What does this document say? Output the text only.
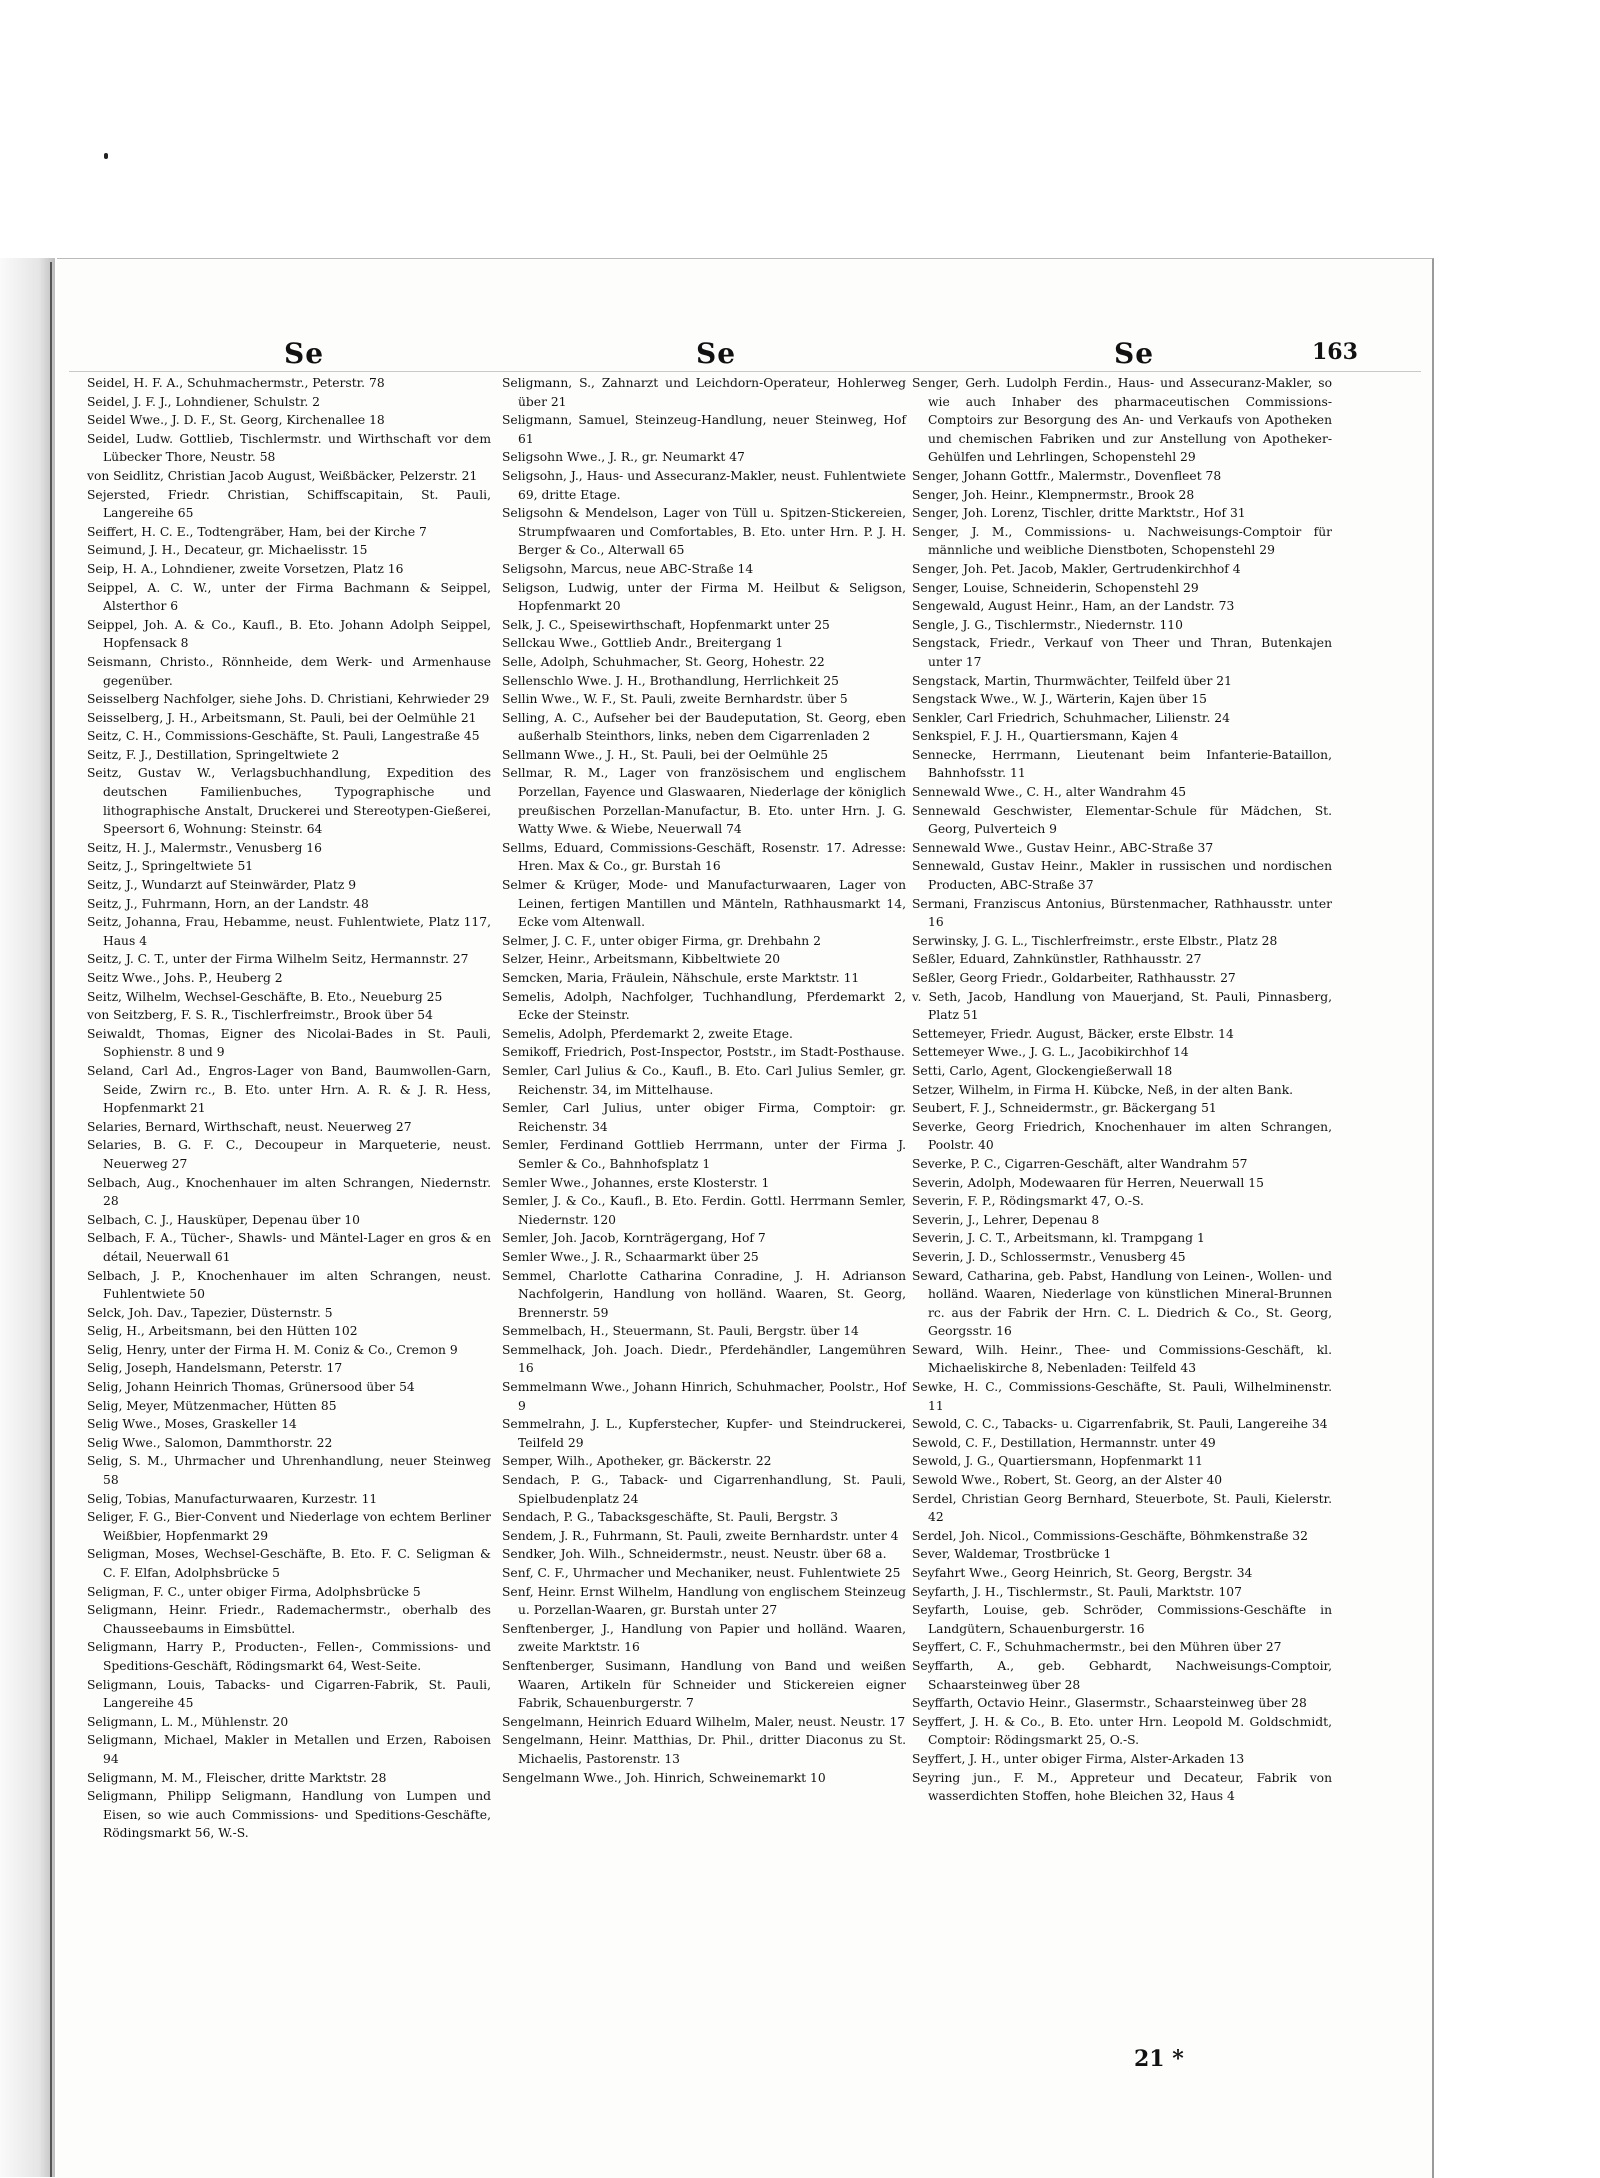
Se	Se	Se	163
Seidel, H. F. A., Schuhmachermstr., Peterstr. 78
Seidel, J. F. J., Lohndiener, Schulstr. 2
Seidel Wwe., J. D. F., St. Georg, Kirchenallee 18
Seidel, Ludw. Gottlieb, Tischlermstr. und Wirthschaft vor dem Lübecker Thore, Neustr. 58
von Seidlitz, Christian Jacob August, Weißbäcker, Pelzerstr. 21
Sejersted, Friedr. Christian, Schiffscapitain, St. Pauli, Langereihe 65
Seiffert, H. C. E., Todtengräber, Ham, bei der Kirche 7
Seimund, J. H., Decateur, gr. Michaelisstr. 15
Seip, H. A., Lohndiener, zweite Vorsetzen, Platz 16
Seippel, A. C. W., unter der Firma Bachmann & Seippel, Alsterthor 6
Seippel, Joh. A. & Co., Kaufl., B. Eto. Johann Adolph Seippel, Hopfensack 8
Seismann, Christo., Rönnheide, dem Werk- und Armenhause gegenüber.
Seisselberg Nachfolger, siehe Johs. D. Christiani, Kehrwieder 29
Seisselberg, J. H., Arbeitsmann, St. Pauli, bei der Oelmühle 21
Seitz, C. H., Commissions-Geschäfte, St. Pauli, Langestraße 45
Seitz, F. J., Destillation, Springeltwiete 2
Seitz, Gustav W., Verlagsbuchhandlung, Expedition des deutschen Familienbuches, Typographische und lithographische Anstalt, Druckerei und Stereotypen-Gießerei, Speersort 6, Wohnung: Steinstr. 64
Seitz, H. J., Malermstr., Venusberg 16
Seitz, J., Springeltwiete 51
Seitz, J., Wundarzt auf Steinwärder, Platz 9
Seitz, J., Fuhrmann, Horn, an der Landstr. 48
Seitz, Johanna, Frau, Hebamme, neust. Fuhlentwiete, Platz 117, Haus 4
Seitz, J. C. T., unter der Firma Wilhelm Seitz, Hermannstr. 27
Seitz Wwe., Johs. P., Heuberg 2
Seitz, Wilhelm, Wechsel-Geschäfte, B. Eto., Neueburg 25
von Seitzberg, F. S. R., Tischlerfreimstr., Brook über 54
Seiwaldt, Thomas, Eigner des Nicolai-Bades in St. Pauli, Sophienstr. 8 und 9
Seland, Carl Ad., Engros-Lager von Band, Baumwollen-Garn, Seide, Zwirn rc., B. Eto. unter Hrn. A. R. & J. R. Hess, Hopfenmarkt 21
Selaries, Bernard, Wirthschaft, neust. Neuerweg 27
Selaries, B. G. F. C., Decoupeur in Marqueterie, neust. Neuerweg 27
Selbach, Aug., Knochenhauer im alten Schrangen, Niedernstr. 28
Selbach, C. J., Hausküper, Depenau über 10
Selbach, F. A., Tücher-, Shawls- und Mäntel-Lager en gros & en détail, Neuerwall 61
Selbach, J. P., Knochenhauer im alten Schrangen, neust. Fuhlentwiete 50
Selck, Joh. Dav., Tapezier, Düsternstr. 5
Selig, H., Arbeitsmann, bei den Hütten 102
Selig, Henry, unter der Firma H. M. Coniz & Co., Cremon 9
Selig, Joseph, Handelsmann, Peterstr. 17
Selig, Johann Heinrich Thomas, Grünersood über 54
Selig, Meyer, Mützenmacher, Hütten 85
Selig Wwe., Moses, Graskeller 14
Selig Wwe., Salomon, Dammthorstr. 22
Selig, S. M., Uhrmacher und Uhrenhandlung, neuer Steinweg 58
Selig, Tobias, Manufacturwaaren, Kurzestr. 11
Seliger, F. G., Bier-Convent und Niederlage von echtem Berliner Weißbier, Hopfenmarkt 29
Seligman, Moses, Wechsel-Geschäfte, B. Eto. F. C. Seligman & C. F. Elfan, Adolphsbrücke 5
Seligman, F. C., unter obiger Firma, Adolphsbrücke 5
Seligmann, Heinr. Friedr., Rademachermstr., oberhalb des Chausseebaums in Eimsbüttel.
Seligmann, Harry P., Producten-, Fellen-, Commissions- und Speditions-Geschäft, Rödingsmarkt 64, West-Seite.
Seligmann, Louis, Tabacks- und Cigarren-Fabrik, St. Pauli, Langereihe 45
Seligmann, L. M., Mühlenstr. 20
Seligmann, Michael, Makler in Metallen und Erzen, Raboisen 94
Seligmann, M. M., Fleischer, dritte Marktstr. 28
Seligmann, Philipp Seligmann, Handlung von Lumpen und Eisen, so wie auch Commissions- und Speditions-Geschäfte, Rödingsmarkt 56, W.-S.
Seligmann, S., Zahnarzt und Leichdorn-Operateur, Hohlerweg über 21
Seligmann, Samuel, Steinzeug-Handlung, neuer Steinweg, Hof 61
Seligsohn Wwe., J. R., gr. Neumarkt 47
Seligsohn, J., Haus- und Assecuranz-Makler, neust. Fuhlentwiete 69, dritte Etage.
Seligsohn & Mendelson, Lager von Tüll u. Spitzen-Stickereien, Strumpfwaaren und Comfortables, B. Eto. unter Hrn. P. J. H. Berger & Co., Alterwall 65
Seligsohn, Marcus, neue ABC-Straße 14
Seligson, Ludwig, unter der Firma M. Heilbut & Seligson, Hopfenmarkt 20
Selk, J. C., Speisewirthschaft, Hopfenmarkt unter 25
Sellckau Wwe., Gottlieb Andr., Breitergang 1
Selle, Adolph, Schuhmacher, St. Georg, Hohestr. 22
Sellenschlo Wwe. J. H., Brothandlung, Herrlichkeit 25
Sellin Wwe., W. F., St. Pauli, zweite Bernhardstr. über 5
Selling, A. C., Aufseher bei der Baudeputation, St. Georg, eben außerhalb Steinthors, links, neben dem Cigarrenladen 2
Sellmann Wwe., J. H., St. Pauli, bei der Oelmühle 25
Sellmar, R. M., Lager von französischem und englischem Porzellan, Fayence und Glaswaaren, Niederlage der königlich preußischen Porzellan-Manufactur, B. Eto. unter Hrn. J. G. Watty Wwe. & Wiebe, Neuerwall 74
Sellms, Eduard, Commissions-Geschäft, Rosenstr. 17. Adresse: Hren. Max & Co., gr. Burstah 16
Selmer & Krüger, Mode- und Manufacturwaaren, Lager von Leinen, fertigen Mantillen und Mänteln, Rathhausmarkt 14, Ecke vom Altenwall.
Selmer, J. C. F., unter obiger Firma, gr. Drehbahn 2
Selzer, Heinr., Arbeitsmann, Kibbeltwiete 20
Semcken, Maria, Fräulein, Nähschule, erste Marktstr. 11
Semelis, Adolph, Nachfolger, Tuchhandlung, Pferdemarkt 2, Ecke der Steinstr.
Semelis, Adolph, Pferdemarkt 2, zweite Etage.
Semikoff, Friedrich, Post-Inspector, Poststr., im Stadt-Posthause.
Semler, Carl Julius & Co., Kaufl., B. Eto. Carl Julius Semler, gr. Reichenstr. 34, im Mittelhause.
Semler, Carl Julius, unter obiger Firma, Comptoir: gr. Reichenstr. 34
Semler, Ferdinand Gottlieb Herrmann, unter der Firma J. Semler & Co., Bahnhofsplatz 1
Semler Wwe., Johannes, erste Klosterstr. 1
Semler, J. & Co., Kaufl., B. Eto. Ferdin. Gottl. Herrmann Semler, Niedernstr. 120
Semler, Joh. Jacob, Kornträgergang, Hof 7
Semler Wwe., J. R., Schaarmarkt über 25
Semmel, Charlotte Catharina Conradine, J. H. Adrianson Nachfolgerin, Handlung von holländ. Waaren, St. Georg, Brennerstr. 59
Semmelbach, H., Steuermann, St. Pauli, Bergstr. über 14
Semmelhack, Joh. Joach. Diedr., Pferdehändler, Langemühren 16
Semmelmann Wwe., Johann Hinrich, Schuhmacher, Poolstr., Hof 9
Semmelrahn, J. L., Kupferstecher, Kupfer- und Steindruckerei, Teilfeld 29
Semper, Wilh., Apotheker, gr. Bäckerstr. 22
Sendach, P. G., Taback- und Cigarrenhandlung, St. Pauli, Spielbudenplatz 24
Sendach, P. G., Tabacksgeschäfte, St. Pauli, Bergstr. 3
Sendem, J. R., Fuhrmann, St. Pauli, zweite Bernhardstr. unter 4
Sendker, Joh. Wilh., Schneidermstr., neust. Neustr. über 68 a.
Senf, C. F., Uhrmacher und Mechaniker, neust. Fuhlentwiete 25
Senf, Heinr. Ernst Wilhelm, Handlung von englischem Steinzeug u. Porzellan-Waaren, gr. Burstah unter 27
Senftenberger, J., Handlung von Papier und holländ. Waaren, zweite Marktstr. 16
Senftenberger, Susimann, Handlung von Band und weißen Waaren, Artikeln für Schneider und Stickereien eigner Fabrik, Schauenburgerstr. 7
Sengelmann, Heinrich Eduard Wilhelm, Maler, neust. Neustr. 17
Sengelmann, Heinr. Matthias, Dr. Phil., dritter Diaconus zu St. Michaelis, Pastorenstr. 13
Sengelmann Wwe., Joh. Hinrich, Schweinemarkt 10
Senger, Gerh. Ludolph Ferdin., Haus- und Assecuranz-Makler, so wie auch Inhaber des pharmaceutischen Commissions-Comptoirs zur Besorgung des An- und Verkaufs von Apotheken und chemischen Fabriken und zur Anstellung von Apotheker-Gehülfen und Lehrlingen, Schopenstehl 29
Senger, Johann Gottfr., Malermstr., Dovenfleet 78
Senger, Joh. Heinr., Klempnermstr., Brook 28
Senger, Joh. Lorenz, Tischler, dritte Marktstr., Hof 31
Senger, J. M., Commissions- u. Nachweisungs-Comptoir für männliche und weibliche Dienstboten, Schopenstehl 29
Senger, Joh. Pet. Jacob, Makler, Gertrudenkirchhof 4
Senger, Louise, Schneiderin, Schopenstehl 29
Sengewald, August Heinr., Ham, an der Landstr. 73
Sengle, J. G., Tischlermstr., Niedernstr. 110
Sengstack, Friedr., Verkauf von Theer und Thran, Butenkajen unter 17
Sengstack, Martin, Thurmwächter, Teilfeld über 21
Sengstack Wwe., W. J., Wärterin, Kajen über 15
Senkler, Carl Friedrich, Schuhmacher, Lilienstr. 24
Senkspiel, F. J. H., Quartiersmann, Kajen 4
Sennecke, Herrmann, Lieutenant beim Infanterie-Bataillon, Bahnhofsstr. 11
Sennewald Wwe., C. H., alter Wandrahm 45
Sennewald Geschwister, Elementar-Schule für Mädchen, St. Georg, Pulverteich 9
Sennewald Wwe., Gustav Heinr., ABC-Straße 37
Sennewald, Gustav Heinr., Makler in russischen und nordischen Producten, ABC-Straße 37
Sermani, Franziscus Antonius, Bürstenmacher, Rathhausstr. unter 16
Serwinsky, J. G. L., Tischlerfreimstr., erste Elbstr., Platz 28
Seßler, Eduard, Zahnkünstler, Rathhausstr. 27
Seßler, Georg Friedr., Goldarbeiter, Rathhausstr. 27
v. Seth, Jacob, Handlung von Mauerjand, St. Pauli, Pinnasberg, Platz 51
Settemeyer, Friedr. August, Bäcker, erste Elbstr. 14
Settemeyer Wwe., J. G. L., Jacobikirchhof 14
Setti, Carlo, Agent, Glockengießerwall 18
Setzer, Wilhelm, in Firma H. Kübcke, Neß, in der alten Bank.
Seubert, F. J., Schneidermstr., gr. Bäckergang 51
Severke, Georg Friedrich, Knochenhauer im alten Schrangen, Poolstr. 40
Severke, P. C., Cigarren-Geschäft, alter Wandrahm 57
Severin, Adolph, Modewaaren für Herren, Neuerwall 15
Severin, F. P., Rödingsmarkt 47, O.-S.
Severin, J., Lehrer, Depenau 8
Severin, J. C. T., Arbeitsmann, kl. Trampgang 1
Severin, J. D., Schlossermstr., Venusberg 45
Seward, Catharina, geb. Pabst, Handlung von Leinen-, Wollen- und holländ. Waaren, Niederlage von künstlichen Mineral-Brunnen rc. aus der Fabrik der Hrn. C. L. Diedrich & Co., St. Georg, Georgsstr. 16
Seward, Wilh. Heinr., Thee- und Commissions-Geschäft, kl. Michaeliskirche 8, Nebenladen: Teilfeld 43
Sewke, H. C., Commissions-Geschäfte, St. Pauli, Wilhelminenstr. 11
Sewold, C. C., Tabacks- u. Cigarrenfabrik, St. Pauli, Langereihe 34
Sewold, C. F., Destillation, Hermannstr. unter 49
Sewold, J. G., Quartiersmann, Hopfenmarkt 11
Sewold Wwe., Robert, St. Georg, an der Alster 40
Serdel, Christian Georg Bernhard, Steuerbote, St. Pauli, Kielerstr. 42
Serdel, Joh. Nicol., Commissions-Geschäfte, Böhmkenstraße 32
Sever, Waldemar, Trostbrücke 1
Seyfahrt Wwe., Georg Heinrich, St. Georg, Bergstr. 34
Seyfarth, J. H., Tischlermstr., St. Pauli, Marktstr. 107
Seyfarth, Louise, geb. Schröder, Commissions-Geschäfte in Landgütern, Schauenburgerstr. 16
Seyffert, C. F., Schuhmachermstr., bei den Mühren über 27
Seyffarth, A., geb. Gebhardt, Nachweisungs-Comptoir, Schaarsteinweg über 28
Seyffarth, Octavio Heinr., Glasermstr., Schaarsteinweg über 28
Seyffert, J. H. & Co., B. Eto. unter Hrn. Leopold M. Goldschmidt, Comptoir: Rödingsmarkt 25, O.-S.
Seyffert, J. H., unter obiger Firma, Alster-Arkaden 13
Seyring jun., F. M., Appreteur und Decateur, Fabrik von wasserdichten Stoffen, hohe Bleichen 32, Haus 4
21 *
